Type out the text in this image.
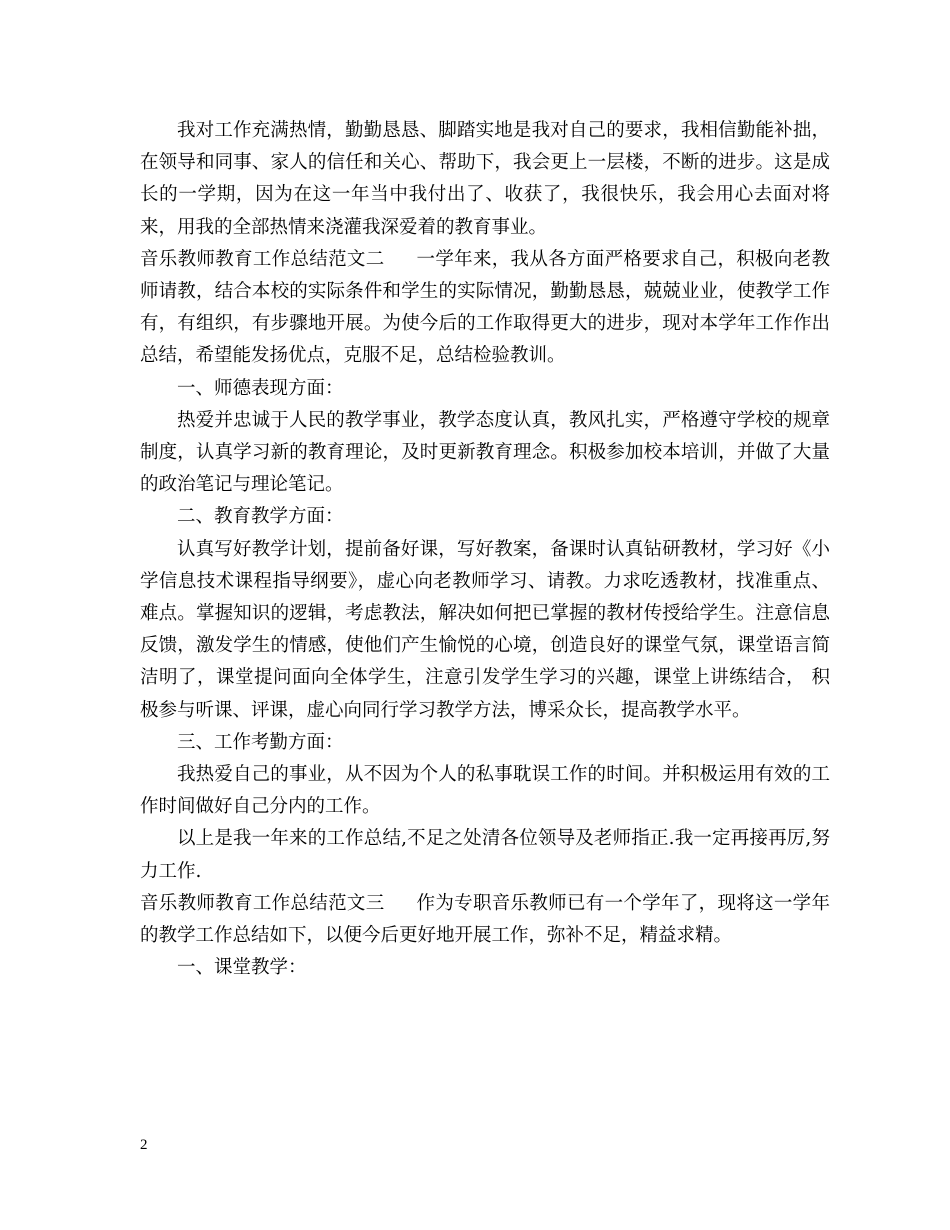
我对工作充满热情，勤勤恳恳、脚踏实地是我对自己的要求，我相信勤能补拙，在领导和同事、家人的信任和关心、帮助下，我会更上一层楼，不断的进步。这是成长的一学期，因为在这一年当中我付出了、收获了，我很快乐，我会用心去面对将来，用我的全部热情来浇灌我深爱着的教育事业。

音乐教师教育工作总结范文二 一学年来，我从各方面严格要求自己，积极向老教师请教，结合本校的实际条件和学生的实际情况，勤勤恳恳，兢兢业业，使教学工作有，有组织，有步骤地开展。为使今后的工作取得更大的进步，现对本学年工作作出总结，希望能发扬优点，克服不足，总结检验教训。

一、师德表现方面：

热爱并忠诚于人民的教学事业，教学态度认真，教风扎实，严格遵守学校的规章制度，认真学习新的教育理论，及时更新教育理念。积极参加校本培训，并做了大量的政治笔记与理论笔记。

二、教育教学方面：

认真写好教学计划，提前备好课，写好教案，备课时认真钻研教材，学习好《小学信息技术课程指导纲要》，虚心向老教师学习、请教。力求吃透教材，找准重点、难点。掌握知识的逻辑，考虑教法，解决如何把已掌握的教材传授给学生。注意信息反馈，激发学生的情感，使他们产生愉悦的心境，创造良好的课堂气氛，课堂语言简洁明了，课堂提问面向全体学生，注意引发学生学习的兴趣，课堂上讲练结合， 积极参与听课、评课，虚心向同行学习教学方法，博采众长，提高教学水平。

三、工作考勤方面：

我热爱自己的事业，从不因为个人的私事耽误工作的时间。并积极运用有效的工作时间做好自己分内的工作。

以上是我一年来的工作总结,不足之处清各位领导及老师指正.我一定再接再厉,努力工作.

音乐教师教育工作总结范文三 作为专职音乐教师已有一个学年了，现将这一学年的教学工作总结如下，以便今后更好地开展工作，弥补不足，精益求精。

一、课堂教学：

2
